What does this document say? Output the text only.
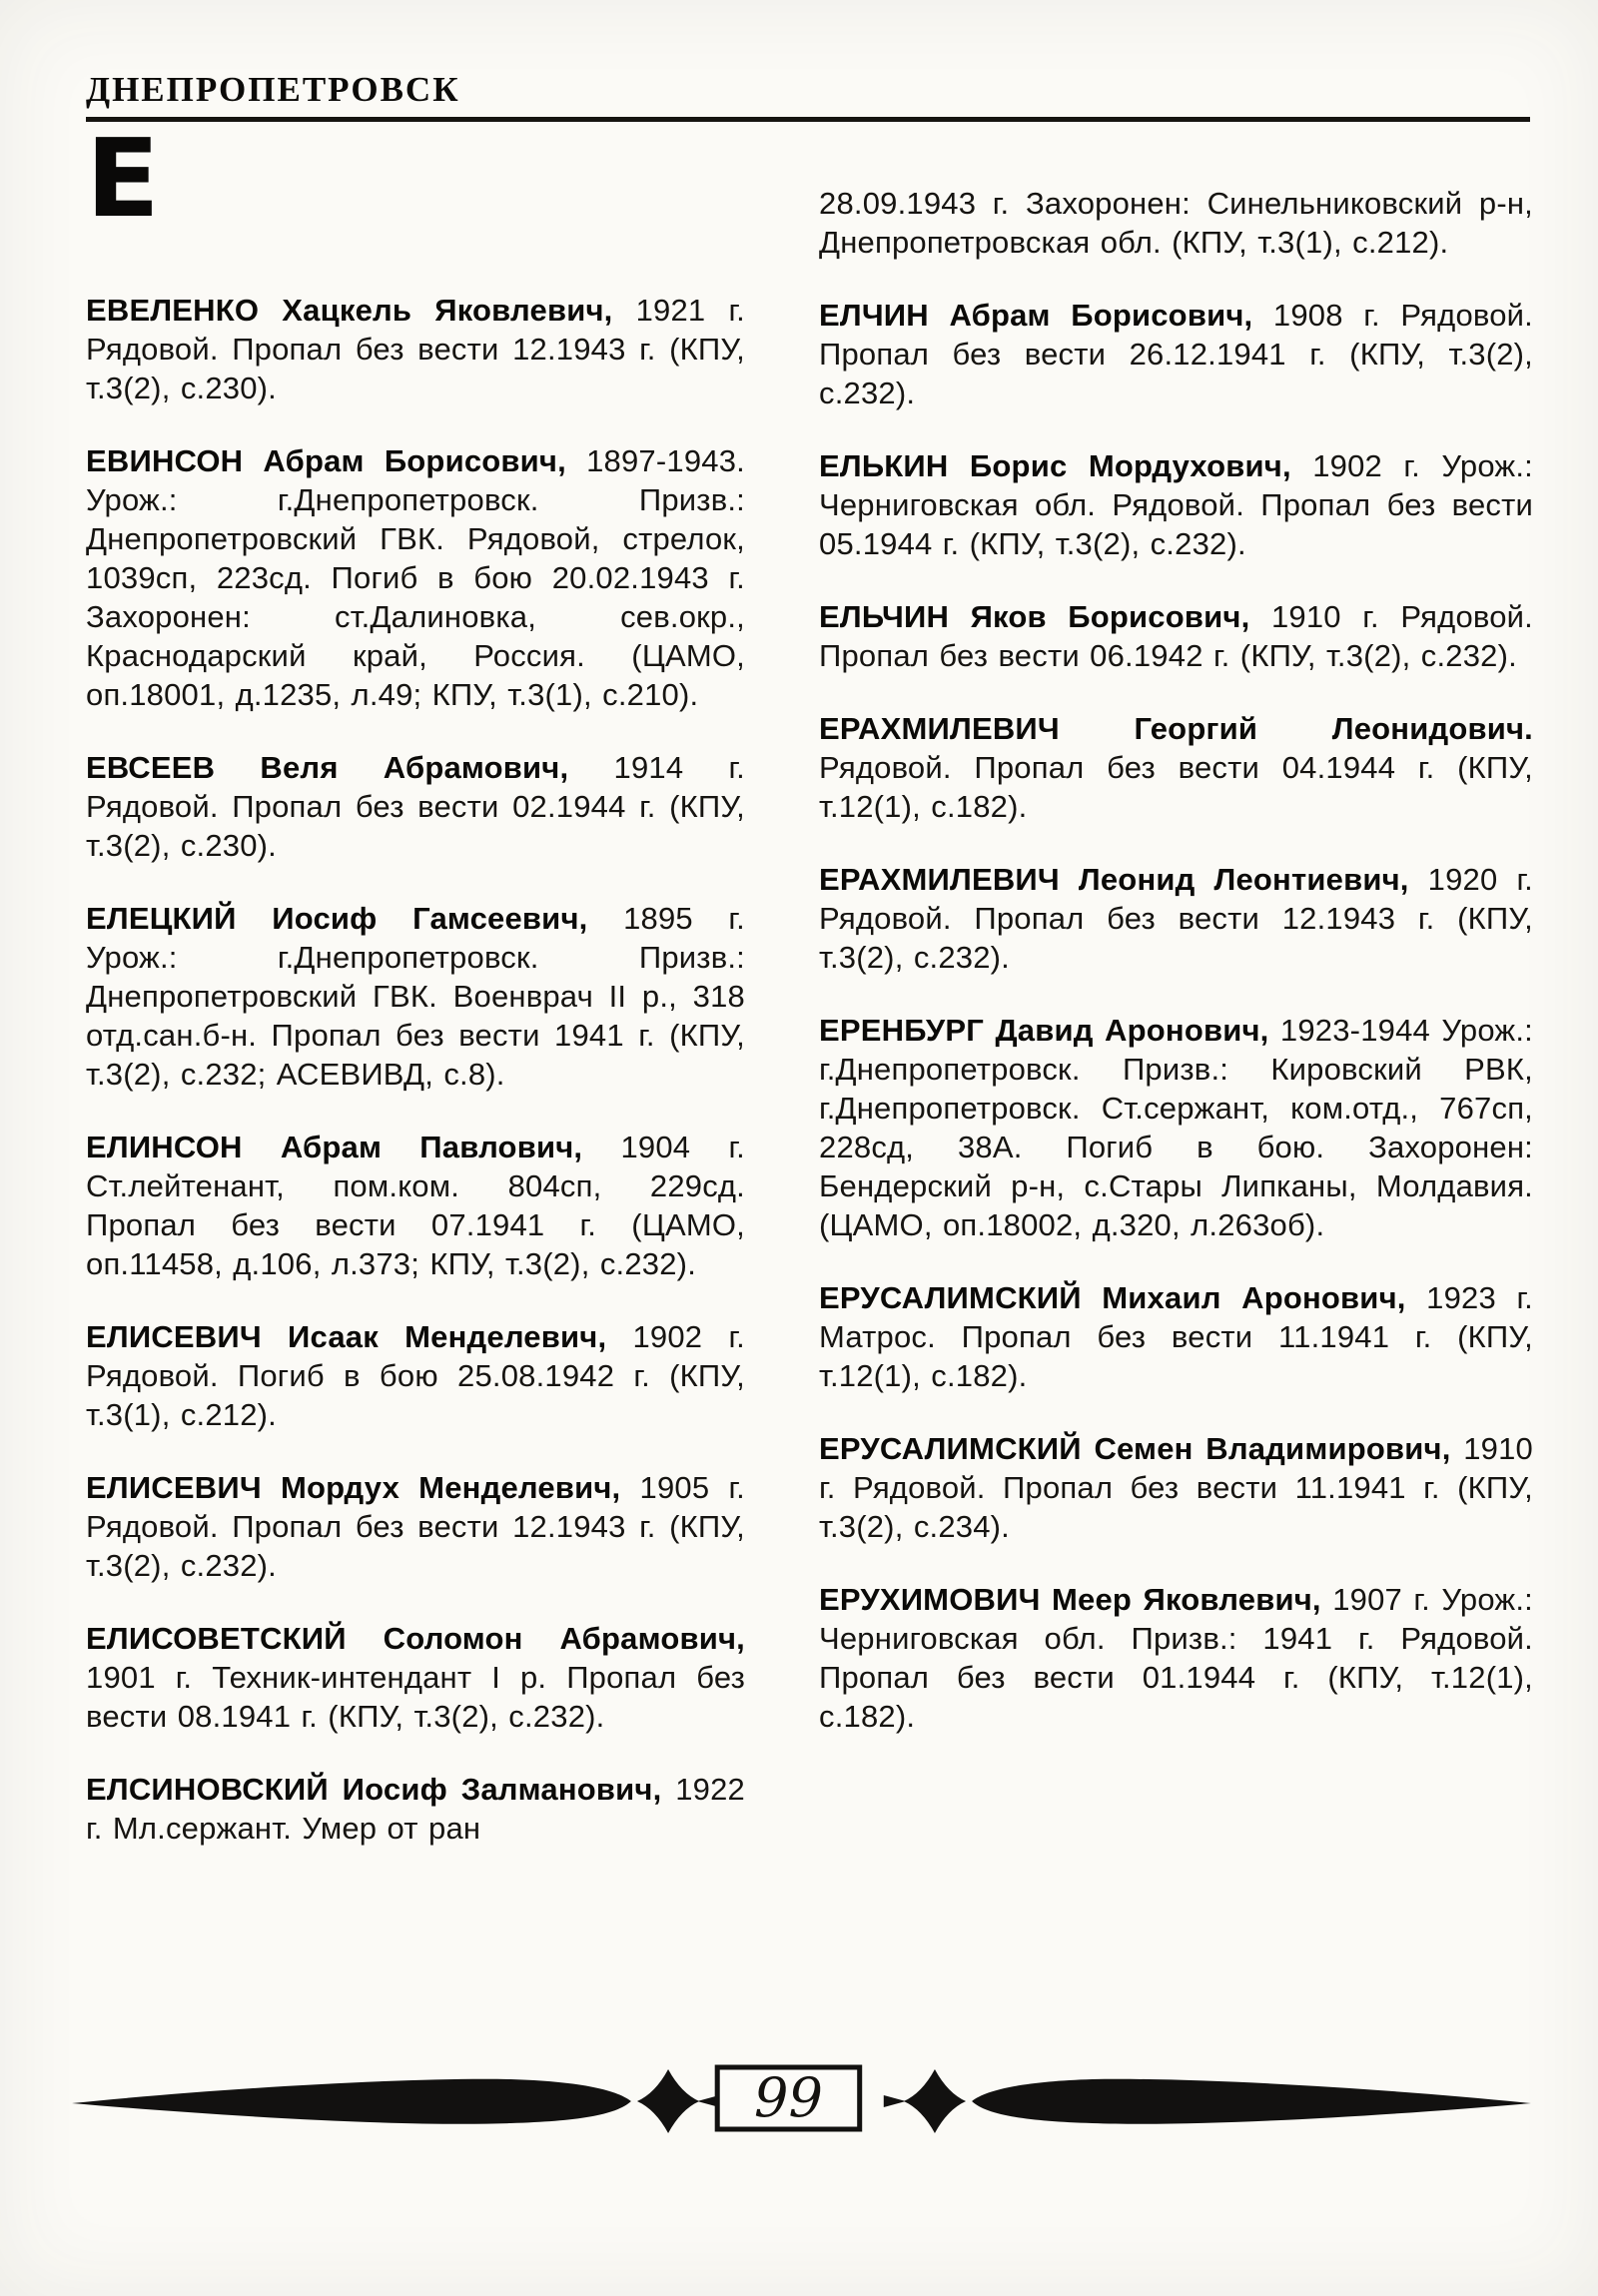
ДНЕПРОПЕТРОВСК
Е

ЕВЕЛЕНКО Хацкель Яковлевич, 1921 г. Рядовой. Пропал без вести 12.1943 г. (КПУ, т.3(2), с.230).

ЕВИНСОН Абрам Борисович, 1897-1943. Урож.: г.Днепропетровск. Призв.: Днепропетровский ГВК. Рядовой, стрелок, 1039сп, 223сд. Погиб в бою 20.02.1943 г. Захоронен: ст.Далиновка, сев.окр., Краснодарский край, Россия. (ЦАМО, оп.18001, д.1235, л.49; КПУ, т.3(1), с.210).

ЕВСЕЕВ Веля Абрамович, 1914 г. Рядовой. Пропал без вести 02.1944 г. (КПУ, т.3(2), с.230).

ЕЛЕЦКИЙ Иосиф Гамсеевич, 1895 г. Урож.: г.Днепропетровск. Призв.: Днепропетровский ГВК. Военврач II р., 318 отд.сан.б-н. Пропал без вести 1941 г. (КПУ, т.3(2), с.232; АСЕВИВД, с.8).

ЕЛИНСОН Абрам Павлович, 1904 г. Ст.лейтенант, пом.ком. 804сп, 229сд. Пропал без вести 07.1941 г. (ЦАМО, оп.11458, д.106, л.373; КПУ, т.3(2), с.232).

ЕЛИСЕВИЧ Исаак Менделевич, 1902 г. Рядовой. Погиб в бою 25.08.1942 г. (КПУ, т.3(1), с.212).

ЕЛИСЕВИЧ Мордух Менделевич, 1905 г. Рядовой. Пропал без вести 12.1943 г. (КПУ, т.3(2), с.232).

ЕЛИСОВЕТСКИЙ Соломон Абрамович, 1901 г. Техник-интендант I р. Пропал без вести 08.1941 г. (КПУ, т.3(2), с.232).

ЕЛСИНОВСКИЙ Иосиф Залманович, 1922 г. Мл.сержант. Умер от ран

28.09.1943 г. Захоронен: Синельниковский р-н, Днепропетровская обл. (КПУ, т.3(1), с.212).

ЕЛЧИН Абрам Борисович, 1908 г. Рядовой. Пропал без вести 26.12.1941 г. (КПУ, т.3(2), с.232).

ЕЛЬКИН Борис Мордухович, 1902 г. Урож.: Черниговская обл. Рядовой. Пропал без вести 05.1944 г. (КПУ, т.3(2), с.232).

ЕЛЬЧИН Яков Борисович, 1910 г. Рядовой. Пропал без вести 06.1942 г. (КПУ, т.3(2), с.232).

ЕРАХМИЛЕВИЧ Георгий Леонидович. Рядовой. Пропал без вести 04.1944 г. (КПУ, т.12(1), с.182).

ЕРАХМИЛЕВИЧ Леонид Леонтиевич, 1920 г. Рядовой. Пропал без вести 12.1943 г. (КПУ, т.3(2), с.232).

ЕРЕНБУРГ Давид Аронович, 1923-1944 Урож.: г.Днепропетровск. Призв.: Кировский РВК, г.Днепропетровск. Ст.сержант, ком.отд., 767сп, 228сд, 38А. Погиб в бою. Захоронен: Бендерский р-н, с.Стары Липканы, Молдавия. (ЦАМО, оп.18002, д.320, л.263об).

ЕРУСАЛИМСКИЙ Михаил Аронович, 1923 г. Матрос. Пропал без вести 11.1941 г. (КПУ, т.12(1), с.182).

ЕРУСАЛИМСКИЙ Семен Владимирович, 1910 г. Рядовой. Пропал без вести 11.1941 г. (КПУ, т.3(2), с.234).

ЕРУХИМОВИЧ Меер Яковлевич, 1907 г. Урож.: Черниговская обл. Призв.: 1941 г. Рядовой. Пропал без вести 01.1944 г. (КПУ, т.12(1), с.182).

99
